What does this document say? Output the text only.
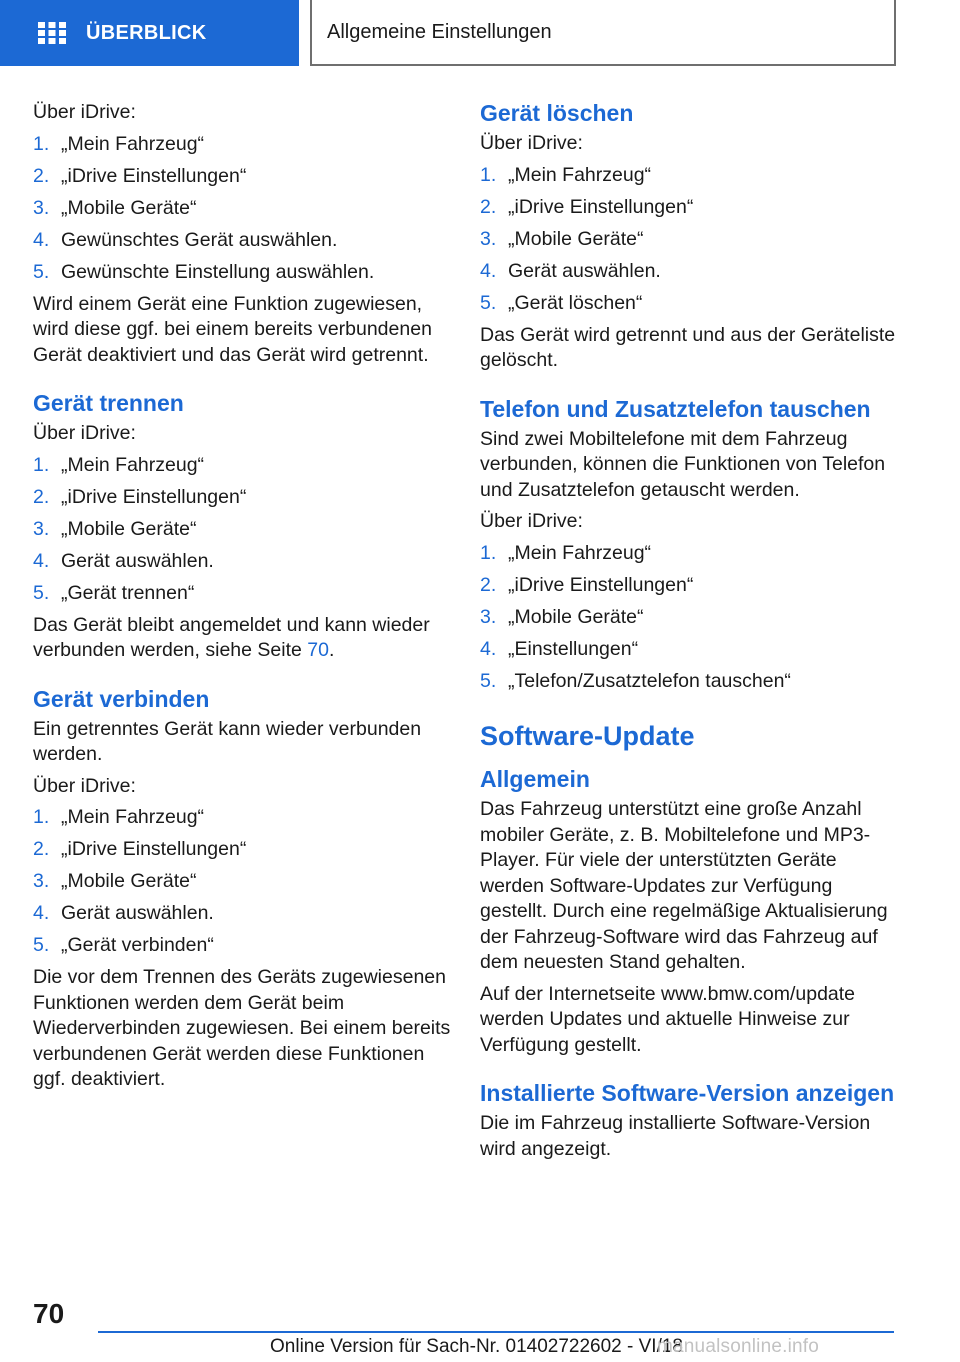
ÜBERBLICK	Allgemeine Einstellungen

Über iDrive:

1. „Mein Fahrzeug“
2. „iDrive Einstellungen“
3. „Mobile Geräte“
4. Gewünschtes Gerät auswählen.
5. Gewünschte Einstellung auswählen.

Wird einem Gerät eine Funktion zugewiesen, wird diese ggf. bei einem bereits verbundenen Gerät deaktiviert und das Gerät wird getrennt.

Gerät trennen

Über iDrive:

1. „Mein Fahrzeug“
2. „iDrive Einstellungen“
3. „Mobile Geräte“
4. Gerät auswählen.
5. „Gerät trennen“

Das Gerät bleibt angemeldet und kann wieder verbunden werden, siehe Seite 70.

Gerät verbinden

Ein getrenntes Gerät kann wieder verbunden werden.

Über iDrive:

1. „Mein Fahrzeug“
2. „iDrive Einstellungen“
3. „Mobile Geräte“
4. Gerät auswählen.
5. „Gerät verbinden“

Die vor dem Trennen des Geräts zugewiesenen Funktionen werden dem Gerät beim Wiederverbinden zugewiesen. Bei einem bereits verbundenen Gerät werden diese Funktionen ggf. deaktiviert.

Gerät löschen

Über iDrive:

1. „Mein Fahrzeug“
2. „iDrive Einstellungen“
3. „Mobile Geräte“
4. Gerät auswählen.
5. „Gerät löschen“

Das Gerät wird getrennt und aus der Geräteliste gelöscht.

Telefon und Zusatztelefon tauschen

Sind zwei Mobiltelefone mit dem Fahrzeug verbunden, können die Funktionen von Telefon und Zusatztelefon getauscht werden.

Über iDrive:

1. „Mein Fahrzeug“
2. „iDrive Einstellungen“
3. „Mobile Geräte“
4. „Einstellungen“
5. „Telefon/Zusatztelefon tauschen“
Software-Update
Allgemein

Das Fahrzeug unterstützt eine große Anzahl mobiler Geräte, z. B. Mobiltelefone und MP3-Player. Für viele der unterstützten Geräte werden Software-Updates zur Verfügung gestellt. Durch eine regelmäßige Aktualisierung der Fahrzeug-Software wird das Fahrzeug auf dem neuesten Stand gehalten.

Auf der Internetseite www.bmw.com/update werden Updates und aktuelle Hinweise zur Verfügung gestellt.

Installierte Software-Version anzeigen

Die im Fahrzeug installierte Software-Version wird angezeigt.

70
Online Version für Sach-Nr. 01402722602 - VI/18
manualsonline.info
